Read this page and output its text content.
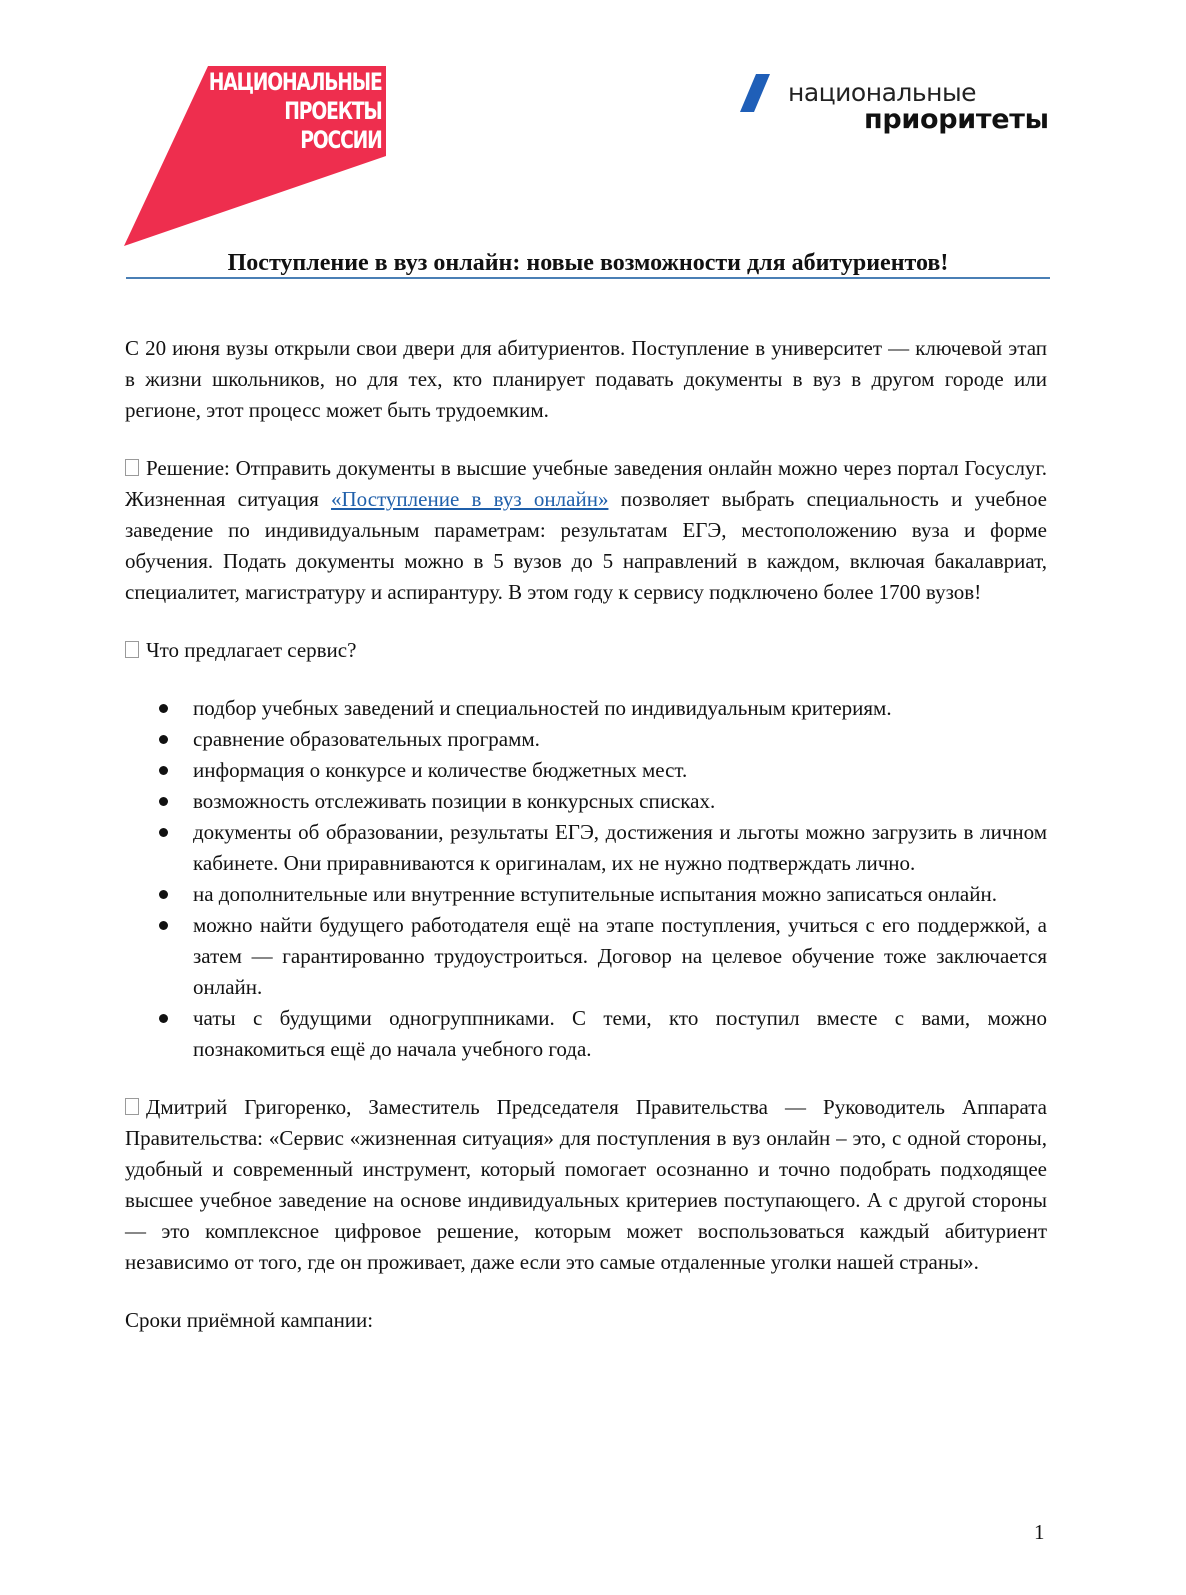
НАЦИОНАЛЬНЫЕ
ПРОЕКТЫ
РОССИИ
национальные
приоритеты
Поступление в вуз онлайн: новые возможности для абитуриентов!

С 20 июня вузы открыли свои двери для абитуриентов. Поступление в университет — ключевой этап в жизни школьников, но для тех, кто планирует подавать документы в вуз в другом городе или регионе, этот процесс может быть трудоемким.

Решение: Отправить документы в высшие учебные заведения онлайн можно через портал Госуслуг. Жизненная ситуация «Поступление в вуз онлайн» позволяет выбрать специальность и учебное заведение по индивидуальным параметрам: результатам ЕГЭ, местоположению вуза и форме обучения. Подать документы можно в 5 вузов до 5 направлений в каждом, включая бакалавриат, специалитет, магистратуру и аспирантуру. В этом году к сервису подключено более 1700 вузов!

Что предлагает сервис?

подбор учебных заведений и специальностей по индивидуальным критериям.
сравнение образовательных программ.
информация о конкурсе и количестве бюджетных мест.
возможность отслеживать позиции в конкурсных списках.
документы об образовании, результаты ЕГЭ, достижения и льготы можно загрузить в личном кабинете. Они приравниваются к оригиналам, их не нужно подтверждать лично.
на дополнительные или внутренние вступительные испытания можно записаться онлайн.
можно найти будущего работодателя ещё на этапе поступления, учиться с его поддержкой, а затем — гарантированно трудоустроиться. Договор на целевое обучение тоже заключается онлайн.
чаты с будущими одногруппниками. С теми, кто поступил вместе с вами, можно познакомиться ещё до начала учебного года.

Дмитрий Григоренко, Заместитель Председателя Правительства — Руководитель Аппарата Правительства: «Сервис «жизненная ситуация» для поступления в вуз онлайн – это, с одной стороны, удобный и современный инструмент, который помогает осознанно и точно подобрать подходящее высшее учебное заведение на основе индивидуальных критериев поступающего. А с другой стороны — это комплексное цифровое решение, которым может воспользоваться каждый абитуриент независимо от того, где он проживает, даже если это самые отдаленные уголки нашей страны».

Сроки приёмной кампании:

1
